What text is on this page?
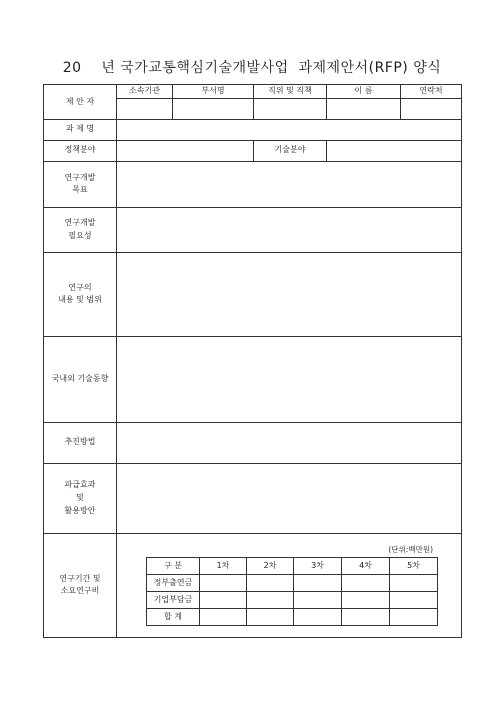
20    년 국가교통핵심기술개발사업  과제제안서(RFP) 양식
제 안 자	소속기관	부서명	직위 및 직책	이 름	연락처

과 제 명	
정책분야		기술분야	

연구개발
목표

연구개발
필요성

연구의
내용 및 범위

국내외 기술동향	
추진방법	

파급효과
및
활용방안

연구기간 및
소요연구비

(단위:백만원)
구 분	1차	2차	3차	4차	5차
정부출연금					
기업부담금					
합 계					
